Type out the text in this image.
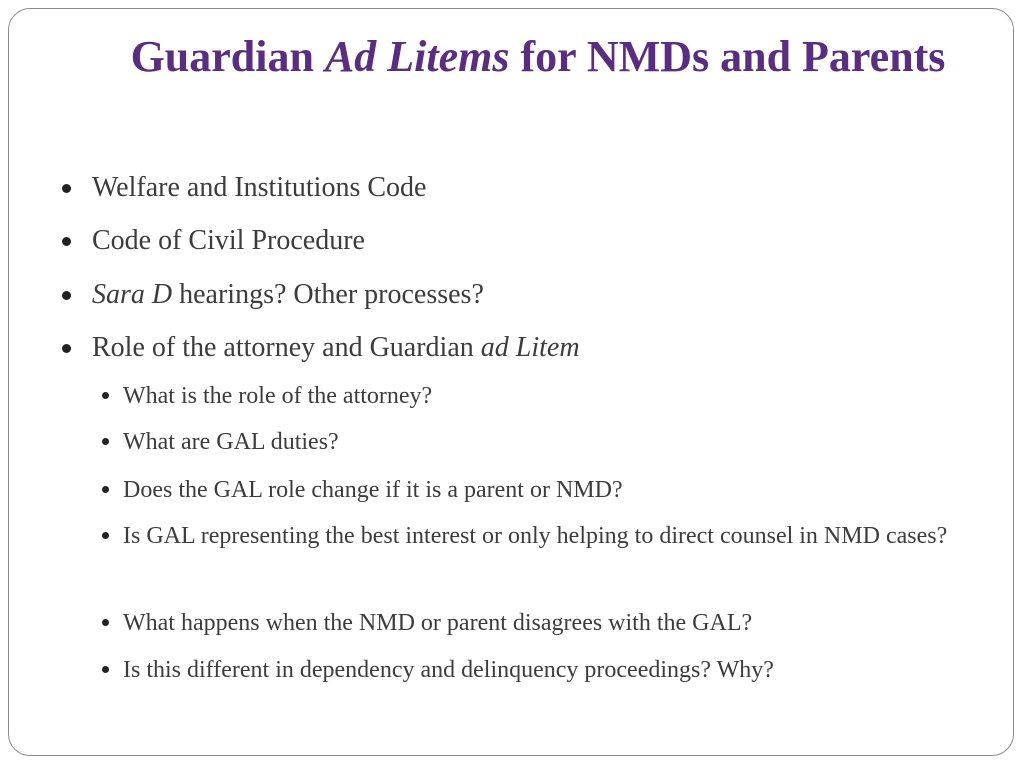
Guardian Ad Litems for NMDs and Parents
Welfare and Institutions Code
Code of Civil Procedure
Sara D hearings? Other processes?
Role of the attorney and Guardian ad Litem
What is the role of the attorney?
What are GAL duties?
Does the GAL role change if it is a parent or NMD?
Is GAL representing the best interest or only helping to direct counsel in NMD cases?
What happens when the NMD or parent disagrees with the GAL?
Is this different in dependency and delinquency proceedings? Why?
